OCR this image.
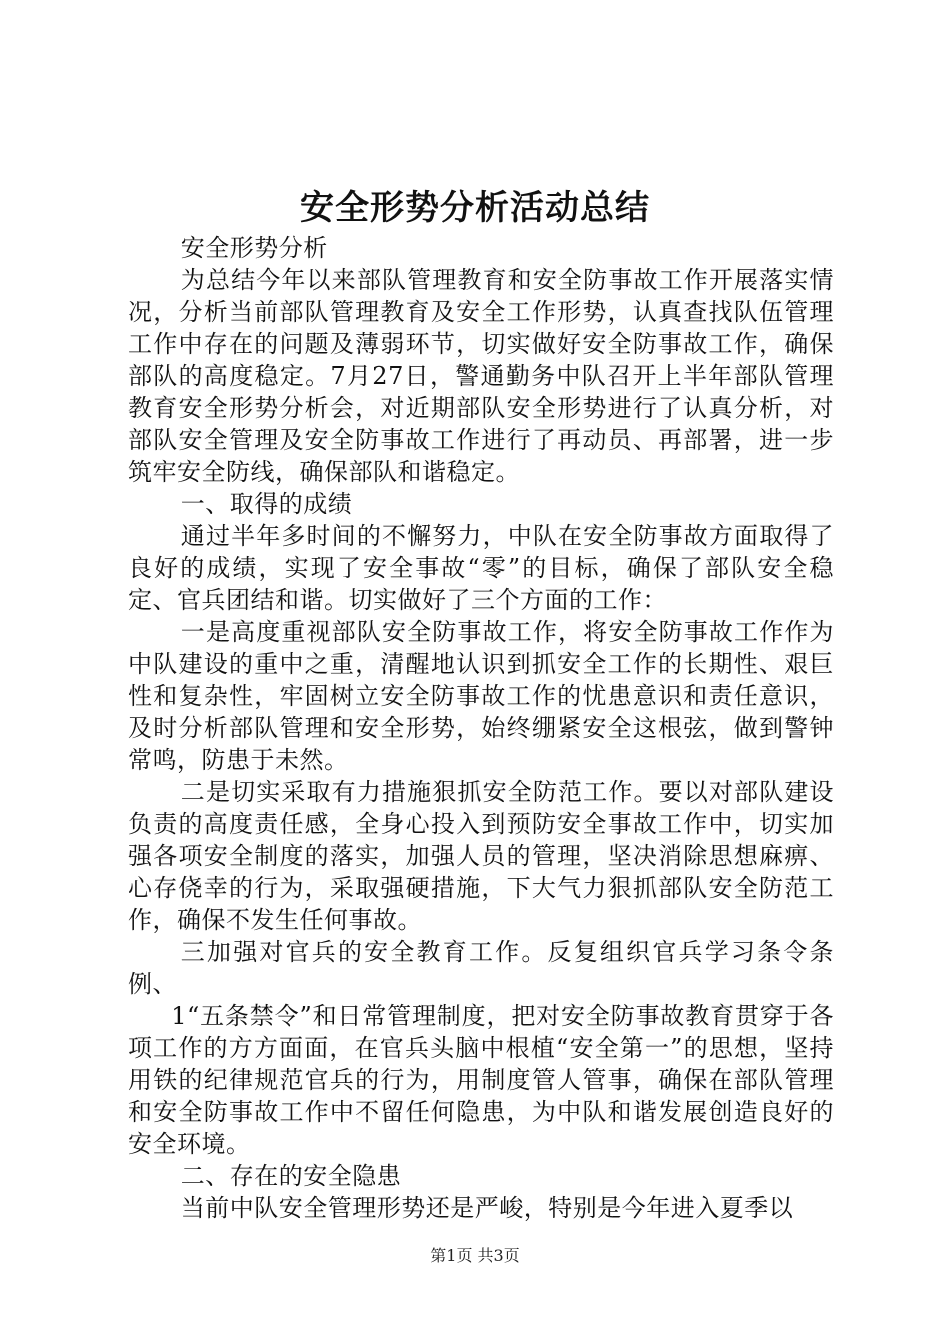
安全形势分析活动总结

安全形势分析

为总结今年以来部队管理教育和安全防事故工作开展落实情况，分析当前部队管理教育及安全工作形势，认真查找队伍管理工作中存在的问题及薄弱环节，切实做好安全防事故工作，确保部队的高度稳定。7月27日，警通勤务中队召开上半年部队管理教育安全形势分析会，对近期部队安全形势进行了认真分析，对部队安全管理及安全防事故工作进行了再动员、再部署，进一步筑牢安全防线，确保部队和谐稳定。

一、取得的成绩

通过半年多时间的不懈努力，中队在安全防事故方面取得了良好的成绩，实现了安全事故“零”的目标，确保了部队安全稳定、官兵团结和谐。切实做好了三个方面的工作：

一是高度重视部队安全防事故工作，将安全防事故工作作为中队建设的重中之重，清醒地认识到抓安全工作的长期性、艰巨性和复杂性，牢固树立安全防事故工作的忧患意识和责任意识，及时分析部队管理和安全形势，始终绷紧安全这根弦，做到警钟常鸣，防患于未然。

二是切实采取有力措施狠抓安全防范工作。要以对部队建设负责的高度责任感，全身心投入到预防安全事故工作中，切实加强各项安全制度的落实，加强人员的管理，坚决消除思想麻痹、心存侥幸的行为，采取强硬措施，下大气力狠抓部队安全防范工作，确保不发生任何事故。

三加强对官兵的安全教育工作。反复组织官兵学习条令条例、

1“五条禁令”和日常管理制度，把对安全防事故教育贯穿于各项工作的方方面面，在官兵头脑中根植“安全第一”的思想，坚持用铁的纪律规范官兵的行为，用制度管人管事，确保在部队管理和安全防事故工作中不留任何隐患，为中队和谐发展创造良好的安全环境。

二、存在的安全隐患

当前中队安全管理形势还是严峻，特别是今年进入夏季以

第1页 共3页
